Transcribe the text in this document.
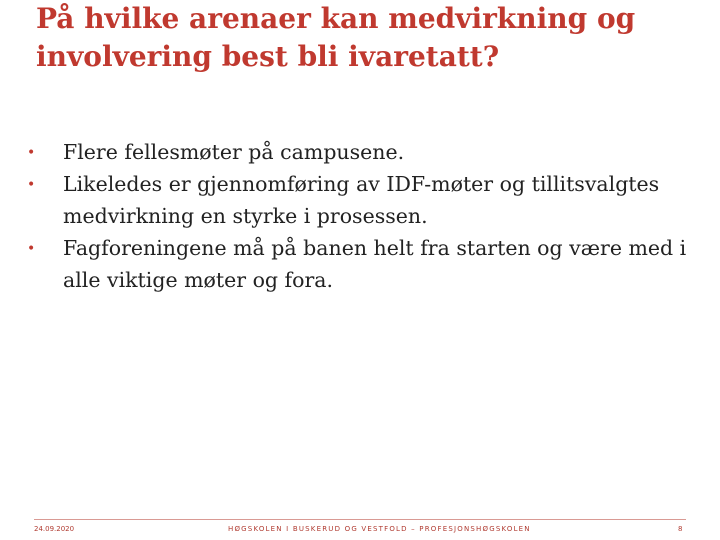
På hvilke arenaer kan medvirkning og involvering best bli ivaretatt?
• Flere fellesmøter på campusene.
• Likeledes er gjennomføring av IDF-møter og tillitsvalgtes medvirkning en styrke i prosessen.
• Fagforeningene må på banen helt fra starten og være med i alle viktige møter og fora.
24.09.2020	HØGSKOLEN I BUSKERUD OG VESTFOLD – PROFESJONSHØGSKOLEN	8
